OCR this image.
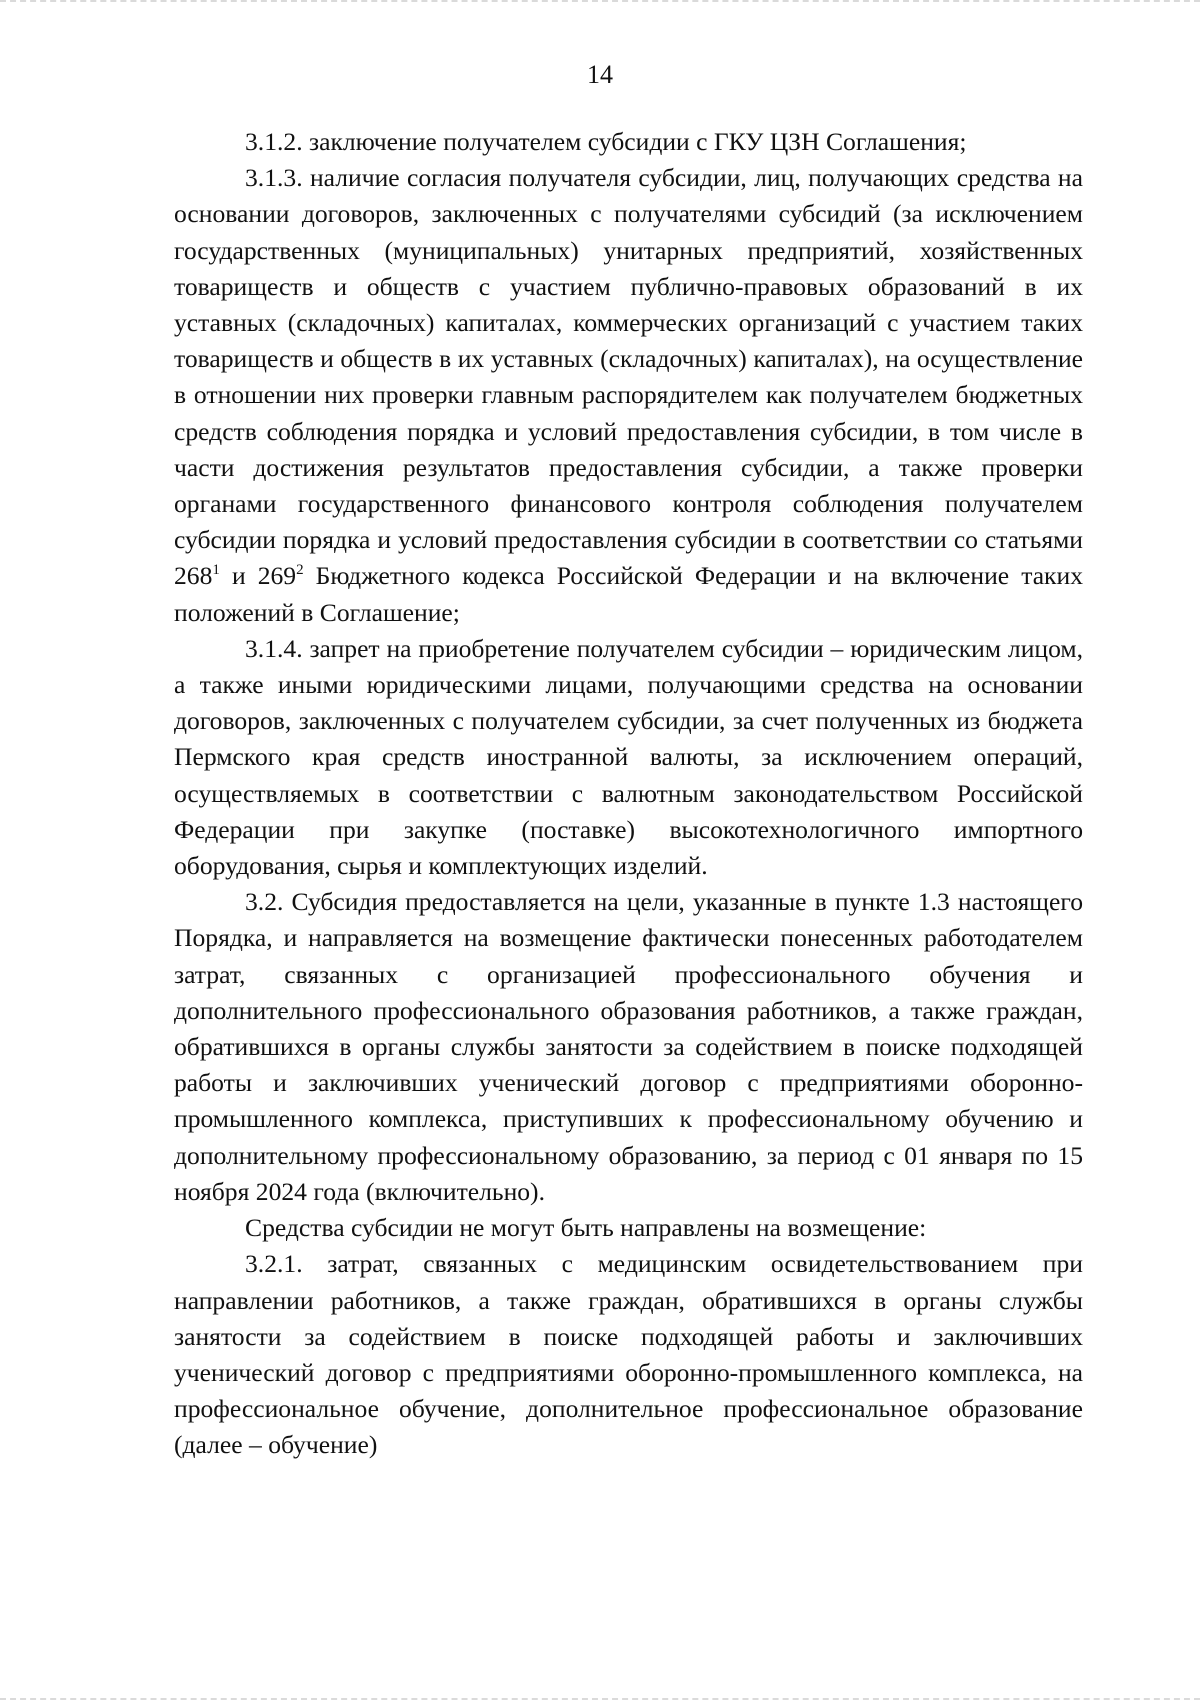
14

3.1.2. заключение получателем субсидии с ГКУ ЦЗН Соглашения;

3.1.3. наличие согласия получателя субсидии, лиц, получающих средства на основании договоров, заключенных с получателями субсидий (за исключением государственных (муниципальных) унитарных предприятий, хозяйственных товариществ и обществ с участием публично-правовых образований в их уставных (складочных) капиталах, коммерческих организаций с участием таких товариществ и обществ в их уставных (складочных) капиталах), на осуществление в отношении них проверки главным распорядителем как получателем бюджетных средств соблюдения порядка и условий предоставления субсидии, в том числе в части достижения результатов предоставления субсидии, а также проверки органами государственного финансового контроля соблюдения получателем субсидии порядка и условий предоставления субсидии в соответствии со статьями $268^1$ и $269^2$ Бюджетного кодекса Российской Федерации и на включение таких положений в Соглашение;

3.1.4. запрет на приобретение получателем субсидии – юридическим лицом, а также иными юридическими лицами, получающими средства на основании договоров, заключенных с получателем субсидии, за счет полученных из бюджета Пермского края средств иностранной валюты, за исключением операций, осуществляемых в соответствии с валютным законодательством Российской Федерации при закупке (поставке) высокотехнологичного импортного оборудования, сырья и комплектующих изделий.

3.2. Субсидия предоставляется на цели, указанные в пункте 1.3 настоящего Порядка, и направляется на возмещение фактически понесенных работодателем затрат, связанных с организацией профессионального обучения и дополнительного профессионального образования работников, а также граждан, обратившихся в органы службы занятости за содействием в поиске подходящей работы и заключивших ученический договор с предприятиями оборонно-промышленного комплекса, приступивших к профессиональному обучению и дополнительному профессиональному образованию, за период с 01 января по 15 ноября 2024 года (включительно).

Средства субсидии не могут быть направлены на возмещение:

3.2.1. затрат, связанных с медицинским освидетельствованием при направлении работников, а также граждан, обратившихся в органы службы занятости за содействием в поиске подходящей работы и заключивших ученический договор с предприятиями оборонно-промышленного комплекса, на профессиональное обучение, дополнительное профессиональное образование (далее – обучение)
